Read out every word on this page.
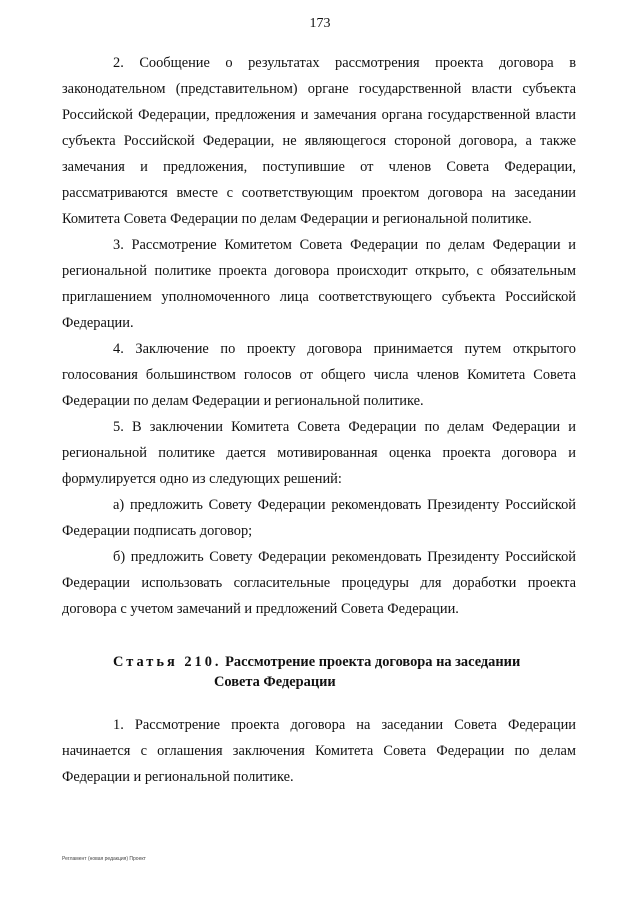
173

2. Сообщение о результатах рассмотрения проекта договора в законодательном (представительном) органе государственной власти субъекта Российской Федерации, предложения и замечания органа государственной власти субъекта Российской Федерации, не являющегося стороной договора, а также замечания и предложения, поступившие от членов Совета Федерации, рассматриваются вместе с соответствующим проектом договора на заседании Комитета Совета Федерации по делам Федерации и региональной политике.

3. Рассмотрение Комитетом Совета Федерации по делам Федерации и региональной политике проекта договора происходит открыто, с обязательным приглашением уполномоченного лица соответствующего субъекта Российской Федерации.

4. Заключение по проекту договора принимается путем открытого голосования большинством голосов от общего числа членов Комитета Совета Федерации по делам Федерации и региональной политике.

5. В заключении Комитета Совета Федерации по делам Федерации и региональной политике дается мотивированная оценка проекта договора и формулируется одно из следующих решений:

а) предложить Совету Федерации рекомендовать Президенту Российской Федерации подписать договор;

б) предложить Совету Федерации рекомендовать Президенту Российской Федерации использовать согласительные процедуры для доработки проекта договора с учетом замечаний и предложений Совета Федерации.

Статья 210. Рассмотрение проекта договора на заседании
Совета Федерации

1. Рассмотрение проекта договора на заседании Совета Федерации начинается с оглашения заключения Комитета Совета Федерации по делам Федерации и региональной политике.

Регламент (новая редакция) Проект
